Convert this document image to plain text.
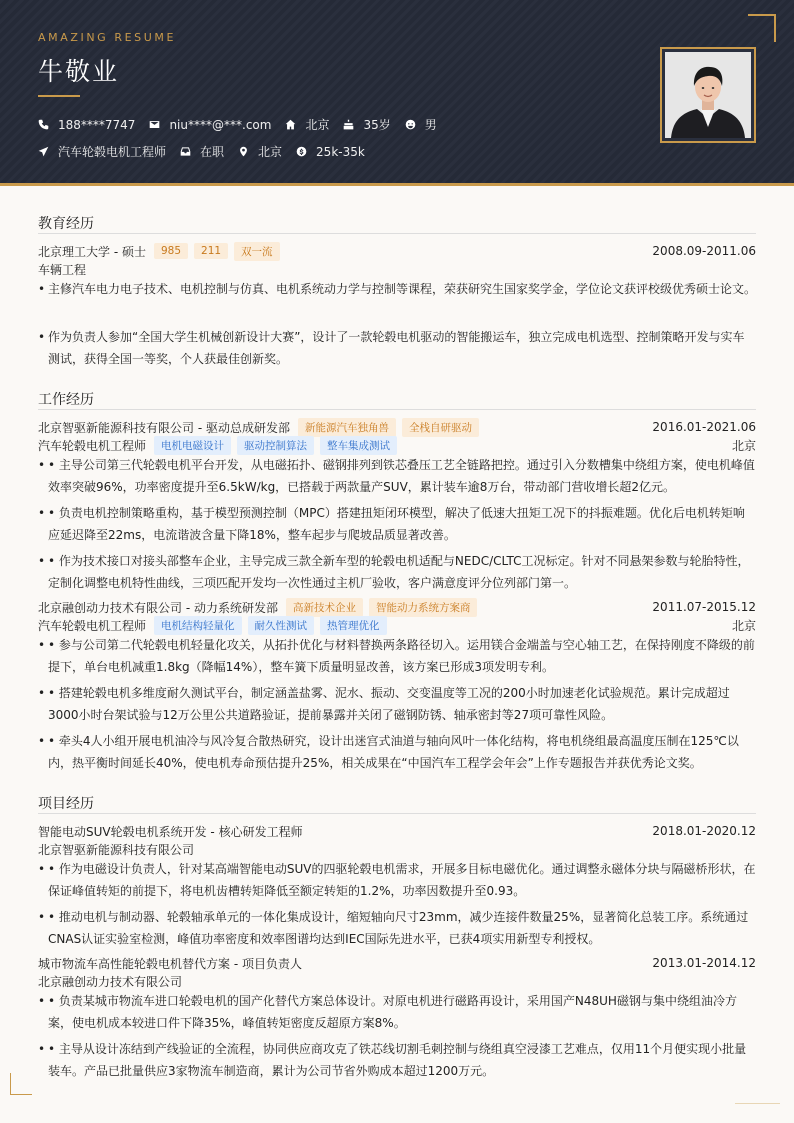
AMAZING RESUME
牛敬业
188****7747	niu****@***.com	北京	35岁	男
汽车轮毂电机工程师	在职	北京	25k-35k
教育经历
北京理工大学 - 硕士	985	211	双一流	2008.09-2011.06
车辆工程
• 主修汽车电力电子技术、电机控制与仿真、电机系统动力学与控制等课程，荣获研究生国家奖学金，学位论文获评校级优秀硕士论文。
• 作为负责人参加“全国大学生机械创新设计大赛”，设计了一款轮毂电机驱动的智能搬运车，独立完成电机选型、控制策略开发与实车测试，获得全国一等奖，个人获最佳创新奖。
工作经历
北京智驱新能源科技有限公司 - 驱动总成研发部	新能源汽车独角兽	全栈自研驱动	2016.01-2021.06
汽车轮毂电机工程师	电机电磁设计	驱动控制算法	整车集成测试	北京
• • 主导公司第三代轮毂电机平台开发，从电磁拓扑、磁钢排列到铁芯叠压工艺全链路把控。通过引入分数槽集中绕组方案，使电机峰值效率突破96%，功率密度提升至6.5kW/kg，已搭载于两款量产SUV，累计装车逾8万台，带动部门营收增长超2亿元。
• • 负责电机控制策略重构，基于模型预测控制（MPC）搭建扭矩闭环模型，解决了低速大扭矩工况下的抖振难题。优化后电机转矩响应延迟降至22ms，电流谐波含量下降18%，整车起步与爬坡品质显著改善。
• • 作为技术接口对接头部整车企业，主导完成三款全新车型的轮毂电机适配与NEDC/CLTC工况标定。针对不同悬架参数与轮胎特性，定制化调整电机特性曲线，三项匹配开发均一次性通过主机厂验收，客户满意度评分位列部门第一。
北京融创动力技术有限公司 - 动力系统研发部	高新技术企业	智能动力系统方案商	2011.07-2015.12
汽车轮毂电机工程师	电机结构轻量化	耐久性测试	热管理优化	北京
• • 参与公司第二代轮毂电机轻量化攻关，从拓扑优化与材料替换两条路径切入。运用镁合金端盖与空心轴工艺，在保持刚度不降级的前提下，单台电机减重1.8kg（降幅14%），整车簧下质量明显改善，该方案已形成3项发明专利。
• • 搭建轮毂电机多维度耐久测试平台，制定涵盖盐雾、泥水、振动、交变温度等工况的200小时加速老化试验规范。累计完成超过3000小时台架试验与12万公里公共道路验证，提前暴露并关闭了磁钢防锈、轴承密封等27项可靠性风险。
• • 牵头4人小组开展电机油冷与风冷复合散热研究，设计出迷宫式油道与轴向风叶一体化结构，将电机绕组最高温度压制在125℃以内，热平衡时间延长40%，使电机寿命预估提升25%，相关成果在“中国汽车工程学会年会”上作专题报告并获优秀论文奖。
项目经历
智能电动SUV轮毂电机系统开发 - 核心研发工程师	2018.01-2020.12
北京智驱新能源科技有限公司
• • 作为电磁设计负责人，针对某高端智能电动SUV的四驱轮毂电机需求，开展多目标电磁优化。通过调整永磁体分块与隔磁桥形状，在保证峰值转矩的前提下，将电机齿槽转矩降低至额定转矩的1.2%，功率因数提升至0.93。
• • 推动电机与制动器、轮毂轴承单元的一体化集成设计，缩短轴向尺寸23mm，减少连接件数量25%，显著简化总装工序。系统通过CNAS认证实验室检测，峰值功率密度和效率图谱均达到IEC国际先进水平，已获4项实用新型专利授权。
城市物流车高性能轮毂电机替代方案 - 项目负责人	2013.01-2014.12
北京融创动力技术有限公司
• • 负责某城市物流车进口轮毂电机的国产化替代方案总体设计。对原电机进行磁路再设计，采用国产N48UH磁钢与集中绕组油冷方案，使电机成本较进口件下降35%，峰值转矩密度反超原方案8%。
• • 主导从设计冻结到产线验证的全流程，协同供应商攻克了铁芯线切割毛刺控制与绕组真空浸漆工艺难点，仅用11个月便实现小批量装车。产品已批量供应3家物流车制造商，累计为公司节省外购成本超过1200万元。
